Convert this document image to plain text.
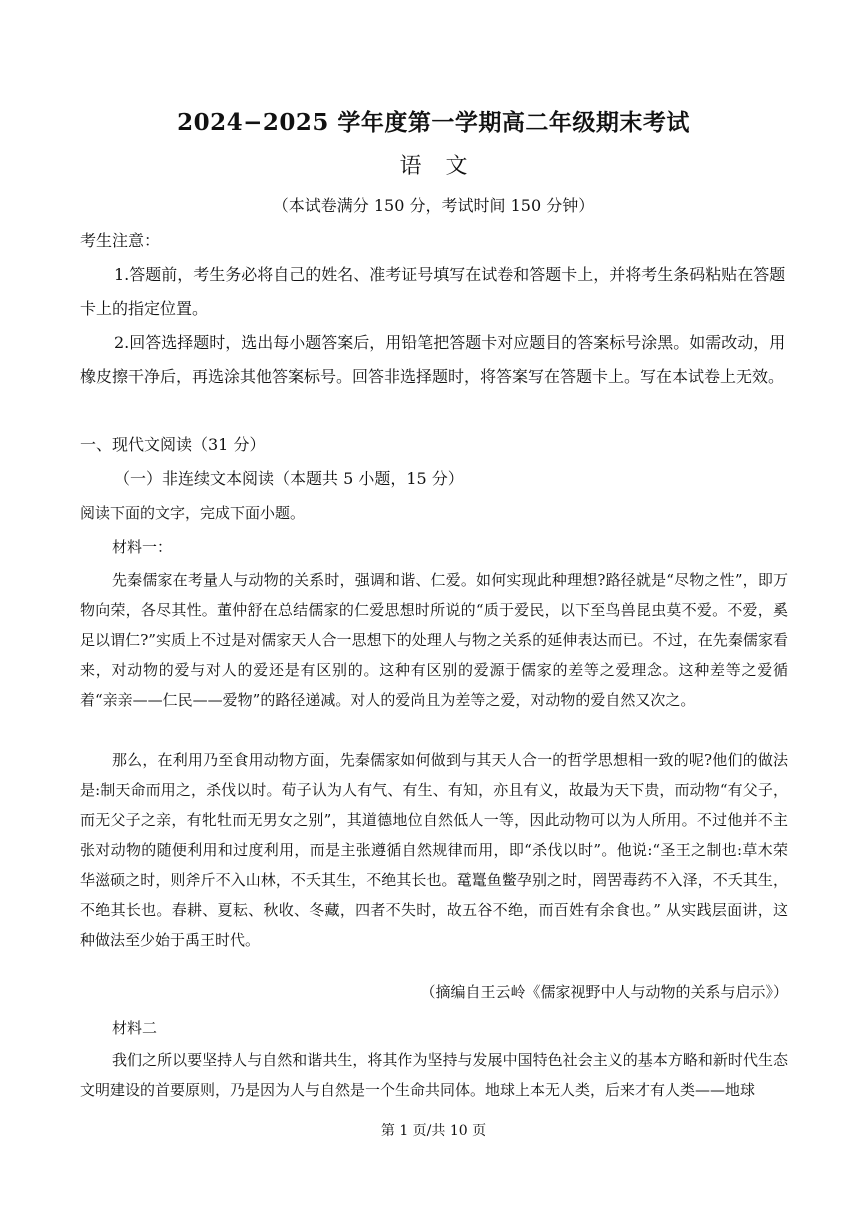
2024−2025 学年度第一学期高二年级期末考试
语文
（本试卷满分 150 分，考试时间 150 分钟）
考生注意：
1.答题前，考生务必将自己的姓名、准考证号填写在试卷和答题卡上，并将考生条码粘贴在答题卡上的指定位置。
2.回答选择题时，选出每小题答案后，用铅笔把答题卡对应题目的答案标号涂黑。如需改动，用橡皮擦干净后，再选涂其他答案标号。回答非选择题时，将答案写在答题卡上。写在本试卷上无效。
一、现代文阅读（31 分）
（一）非连续文本阅读（本题共 5 小题，15 分）
阅读下面的文字，完成下面小题。
材料一：
先秦儒家在考量人与动物的关系时，强调和谐、仁爱。如何实现此种理想?路径就是“尽物之性”，即万物向荣，各尽其性。董仲舒在总结儒家的仁爱思想时所说的“质于爱民，以下至鸟兽昆虫莫不爱。不爱，奚足以谓仁?”实质上不过是对儒家天人合一思想下的处理人与物之关系的延伸表达而已。不过，在先秦儒家看来，对动物的爱与对人的爱还是有区别的。这种有区别的爱源于儒家的差等之爱理念。这种差等之爱循着“亲亲——仁民——爱物”的路径递减。对人的爱尚且为差等之爱，对动物的爱自然又次之。
那么，在利用乃至食用动物方面，先秦儒家如何做到与其天人合一的哲学思想相一致的呢?他们的做法是:制天命而用之，杀伐以时。荀子认为人有气、有生、有知，亦且有义，故最为天下贵，而动物“有父子，而无父子之亲，有牝牡而无男女之别”，其道德地位自然低人一等，因此动物可以为人所用。不过他并不主张对动物的随便利用和过度利用，而是主张遵循自然规律而用，即“杀伐以时”。他说:“圣王之制也:草木荣华滋硕之时，则斧斤不入山林，不夭其生，不绝其长也。鼋鼍鱼鳖孕别之时，罔罟毒药不入泽，不夭其生，不绝其长也。春耕、夏耘、秋收、冬藏，四者不失时，故五谷不绝，而百姓有余食也。” 从实践层面讲，这种做法至少始于禹王时代。
（摘编自王云岭《儒家视野中人与动物的关系与启示》）
材料二
我们之所以要坚持人与自然和谐共生，将其作为坚持与发展中国特色社会主义的基本方略和新时代生态文明建设的首要原则，乃是因为人与自然是一个生命共同体。地球上本无人类，后来才有人类——地球
第 1 页/共 10 页
